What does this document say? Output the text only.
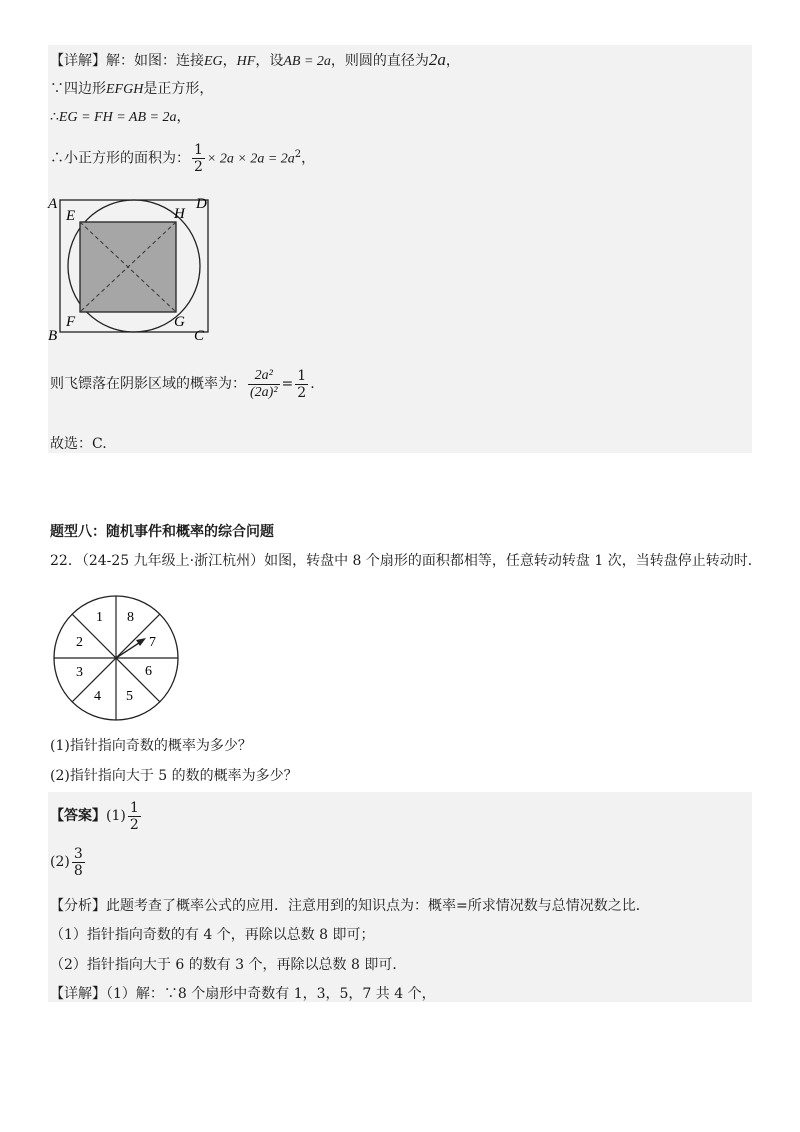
【详解】解：如图：连接EG，HF，设AB = 2a，则圆的直径为2a，
∵四边形EFGH是正方形，
∴EG = FH = AB = 2a，
∴小正方形的面积为： $\frac{1}{2} \times 2a \times 2a = 2a^2$，
A	D
E	H
F	G
B	C
则飞镖落在阴影区域的概率为： $\frac{\text{2a²}}{\text{(2a)²}} = \frac{1}{2}$ .
故选：C.
题型八：随机事件和概率的综合问题
22．（24-25 九年级上·浙江杭州）如图，转盘中 8 个扇形的面积都相等，任意转动转盘 1 次，当转盘停止转动时．
1
2
3
4 5
6
7
8
(1)指针指向奇数的概率为多少？
(2)指针指向大于 5 的数的概率为多少？
【答案】$(1) \frac{1}{2}$
$(2) \frac{3}{8}$
【分析】此题考查了概率公式的应用．注意用到的知识点为：概率=所求情况数与总情况数之比．
（1）指针指向奇数的有 4 个，再除以总数 8 即可；
（2）指针指向大于 6 的数有 3 个，再除以总数 8 即可．
【详解】（1）解：∵8 个扇形中奇数有 1，3，5，7 共 4 个，
